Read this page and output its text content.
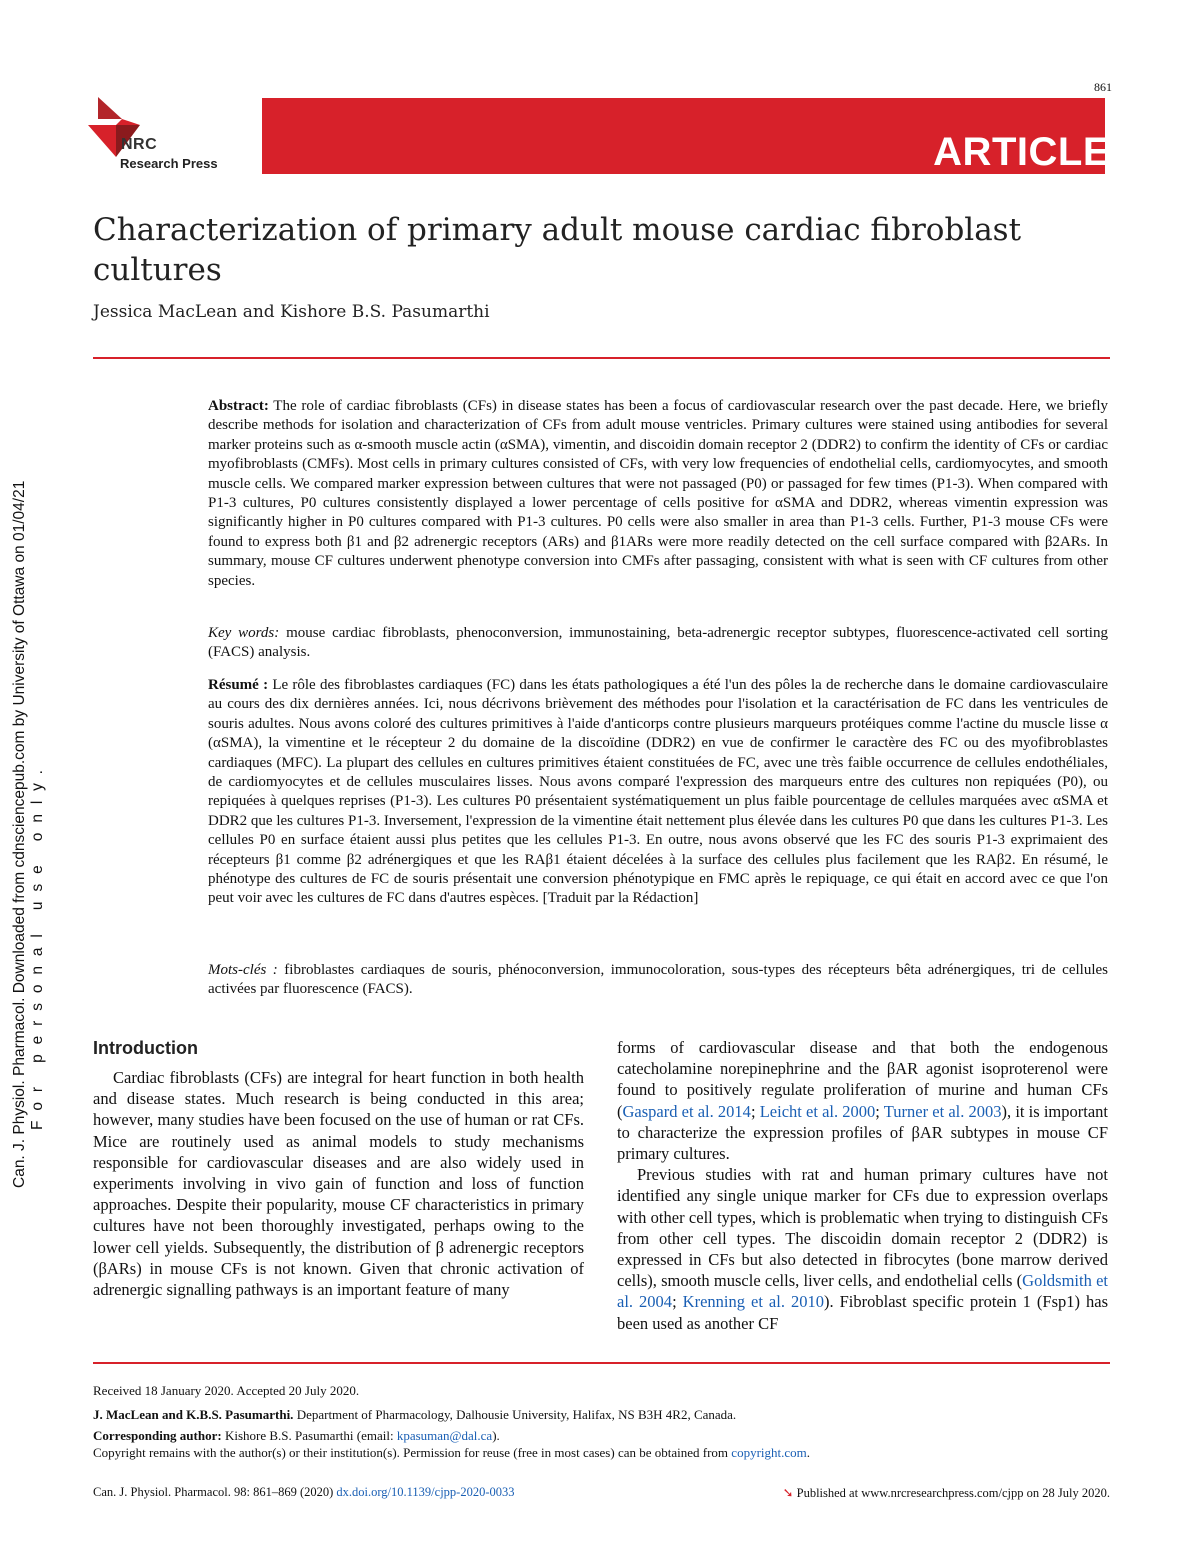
861
NRC
Research Press	ARTICLE
Characterization of primary adult mouse cardiac fibroblast cultures
Jessica MacLean and Kishore B.S. Pasumarthi
Can. J. Physiol. Pharmacol. Downloaded from cdnsciencepub.com by University of Ottawa on 01/04/21 For personal use only.
Abstract: The role of cardiac fibroblasts (CFs) in disease states has been a focus of cardiovascular research over the past decade. Here, we briefly describe methods for isolation and characterization of CFs from adult mouse ventricles. Primary cultures were stained using antibodies for several marker proteins such as α-smooth muscle actin (αSMA), vimentin, and discoidin domain receptor 2 (DDR2) to confirm the identity of CFs or cardiac myofibroblasts (CMFs). Most cells in primary cultures consisted of CFs, with very low frequencies of endothelial cells, cardiomyocytes, and smooth muscle cells. We compared marker expression between cultures that were not passaged (P0) or passaged for few times (P1-3). When compared with P1-3 cultures, P0 cultures consistently displayed a lower percentage of cells positive for αSMA and DDR2, whereas vimentin expression was significantly higher in P0 cultures compared with P1-3 cultures. P0 cells were also smaller in area than P1-3 cells. Further, P1-3 mouse CFs were found to express both β1 and β2 adrenergic receptors (ARs) and β1ARs were more readily detected on the cell surface compared with β2ARs. In summary, mouse CF cultures underwent phenotype conversion into CMFs after passaging, consistent with what is seen with CF cultures from other species.
Key words: mouse cardiac fibroblasts, phenoconversion, immunostaining, beta-adrenergic receptor subtypes, fluorescence-activated cell sorting (FACS) analysis.
Résumé : Le rôle des fibroblastes cardiaques (FC) dans les états pathologiques a été l'un des pôles la de recherche dans le domaine cardiovasculaire au cours des dix dernières années. Ici, nous décrivons brièvement des méthodes pour l'isolation et la caractérisation de FC dans les ventricules de souris adultes. Nous avons coloré des cultures primitives à l'aide d'anticorps contre plusieurs marqueurs protéiques comme l'actine du muscle lisse α (αSMA), la vimentine et le récepteur 2 du domaine de la discoïdine (DDR2) en vue de confirmer le caractère des FC ou des myofibroblastes cardiaques (MFC). La plupart des cellules en cultures primitives étaient constituées de FC, avec une très faible occurrence de cellules endothéliales, de cardiomyocytes et de cellules musculaires lisses. Nous avons comparé l'expression des marqueurs entre des cultures non repiquées (P0), ou repiquées à quelques reprises (P1-3). Les cultures P0 présentaient systématiquement un plus faible pourcentage de cellules marquées avec αSMA et DDR2 que les cultures P1-3. Inversement, l'expression de la vimentine était nettement plus élevée dans les cultures P0 que dans les cultures P1-3. Les cellules P0 en surface étaient aussi plus petites que les cellules P1-3. En outre, nous avons observé que les FC des souris P1-3 exprimaient des récepteurs β1 comme β2 adrénergiques et que les RAβ1 étaient décelées à la surface des cellules plus facilement que les RAβ2. En résumé, le phénotype des cultures de FC de souris présentait une conversion phénotypique en FMC après le repiquage, ce qui était en accord avec ce que l'on peut voir avec les cultures de FC dans d'autres espèces. [Traduit par la Rédaction]
Mots-clés : fibroblastes cardiaques de souris, phénoconversion, immunocoloration, sous-types des récepteurs bêta adrénergiques, tri de cellules activées par fluorescence (FACS).
Introduction

Cardiac fibroblasts (CFs) are integral for heart function in both health and disease states. Much research is being conducted in this area; however, many studies have been focused on the use of human or rat CFs. Mice are routinely used as animal models to study mechanisms responsible for cardiovascular diseases and are also widely used in experiments involving in vivo gain of function and loss of function approaches. Despite their popularity, mouse CF characteristics in primary cultures have not been thoroughly investigated, perhaps owing to the lower cell yields. Subsequently, the distribution of β adrenergic receptors (βARs) in mouse CFs is not known. Given that chronic activation of adrenergic signalling pathways is an important feature of many

forms of cardiovascular disease and that both the endogenous catecholamine norepinephrine and the βAR agonist isoproterenol were found to positively regulate proliferation of murine and human CFs (Gaspard et al. 2014; Leicht et al. 2000; Turner et al. 2003), it is important to characterize the expression profiles of βAR subtypes in mouse CF primary cultures.

Previous studies with rat and human primary cultures have not identified any single unique marker for CFs due to expression overlaps with other cell types, which is problematic when trying to distinguish CFs from other cell types. The discoidin domain receptor 2 (DDR2) is expressed in CFs but also detected in fibrocytes (bone marrow derived cells), smooth muscle cells, liver cells, and endothelial cells (Goldsmith et al. 2004; Krenning et al. 2010). Fibroblast specific protein 1 (Fsp1) has been used as another CF

Received 18 January 2020. Accepted 20 July 2020.
J. MacLean and K.B.S. Pasumarthi. Department of Pharmacology, Dalhousie University, Halifax, NS B3H 4R2, Canada.
Corresponding author: Kishore B.S. Pasumarthi (email: kpasuman@dal.ca).
Copyright remains with the author(s) or their institution(s). Permission for reuse (free in most cases) can be obtained from copyright.com.
Can. J. Physiol. Pharmacol. 98: 861–869 (2020) dx.doi.org/10.1139/cjpp-2020-0033	➘ Published at www.nrcresearchpress.com/cjpp on 28 July 2020.
